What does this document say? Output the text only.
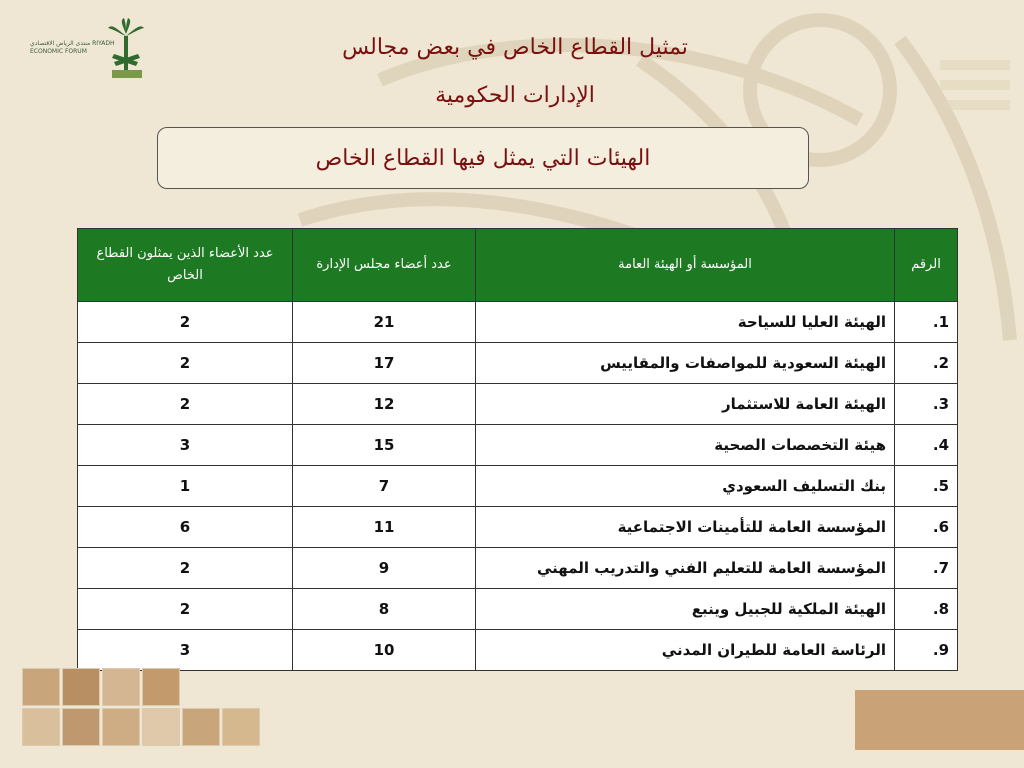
منتدى الرياض الاقتصادي RIYADH ECONOMIC FORUM	تمثيل القطاع الخاص في بعض مجالس
الإدارات الحكومية
الهيئات التي يمثل فيها القطاع الخاص
الرقم	المؤسسة أو الهيئة العامة	عدد أعضاء مجلس الإدارة	عدد الأعضاء الذين يمثلون القطاع الخاص
1.	الهيئة العليا للسياحة	21	2
2.	الهيئة السعودية للمواصفات والمقاييس	17	2
3.	الهيئة العامة للاستثمار	12	2
4.	هيئة التخصصات الصحية	15	3
5.	بنك التسليف السعودي	7	1
6.	المؤسسة العامة للتأمينات الاجتماعية	11	6
7.	المؤسسة العامة للتعليم الفني والتدريب المهني	9	2
8.	الهيئة الملكية للجبيل وينبع	8	2
9.	الرئاسة العامة للطيران المدني	10	3
